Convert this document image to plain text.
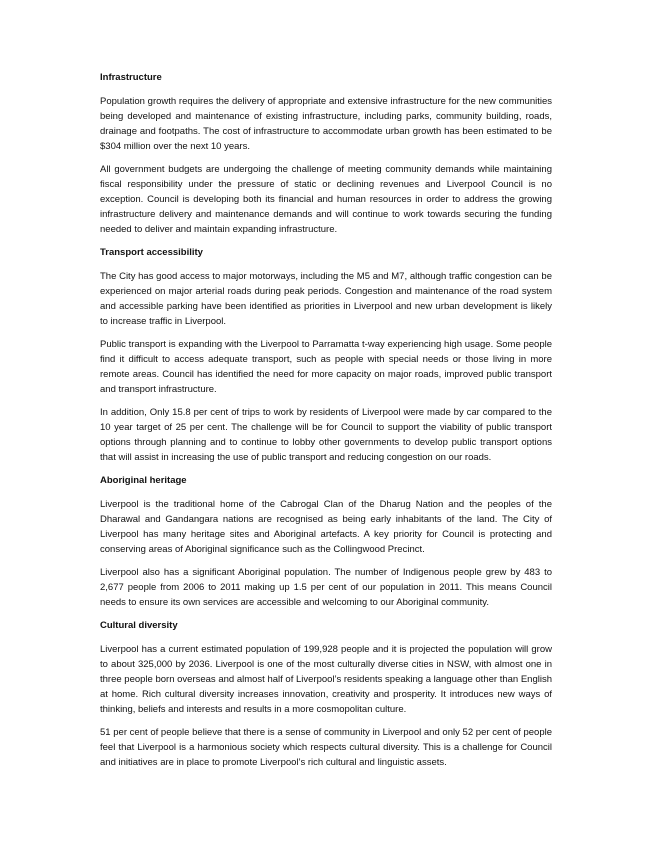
Infrastructure

Population growth requires the delivery of appropriate and extensive infrastructure for the new communities being developed and maintenance of existing infrastructure, including parks, community building, roads, drainage and footpaths. The cost of infrastructure to accommodate urban growth has been estimated to be $304 million over the next 10 years.

All government budgets are undergoing the challenge of meeting community demands while maintaining fiscal responsibility under the pressure of static or declining revenues and Liverpool Council is no exception. Council is developing both its financial and human resources in order to address the growing infrastructure delivery and maintenance demands and will continue to work towards securing the funding needed to deliver and maintain expanding infrastructure.

Transport accessibility

The City has good access to major motorways, including the M5 and M7, although traffic congestion can be experienced on major arterial roads during peak periods. Congestion and maintenance of the road system and accessible parking have been identified as priorities in Liverpool and new urban development is likely to increase traffic in Liverpool.

Public transport is expanding with the Liverpool to Parramatta t-way experiencing high usage. Some people find it difficult to access adequate transport, such as people with special needs or those living in more remote areas. Council has identified the need for more capacity on major roads, improved public transport and transport infrastructure.

In addition, Only 15.8 per cent of trips to work by residents of Liverpool were made by car compared to the 10 year target of 25 per cent. The challenge will be for Council to support the viability of public transport options through planning and to continue to lobby other governments to develop public transport options that will assist in increasing the use of public transport and reducing congestion on our roads.

Aboriginal heritage

Liverpool is the traditional home of the Cabrogal Clan of the Dharug Nation and the peoples of the Dharawal and Gandangara nations are recognised as being early inhabitants of the land. The City of Liverpool has many heritage sites and Aboriginal artefacts. A key priority for Council is protecting and conserving areas of Aboriginal significance such as the Collingwood Precinct.

Liverpool also has a significant Aboriginal population. The number of Indigenous people grew by 483 to 2,677 people from 2006 to 2011 making up 1.5 per cent of our population in 2011. This means Council needs to ensure its own services are accessible and welcoming to our Aboriginal community.

Cultural diversity

Liverpool has a current estimated population of 199,928 people and it is projected the population will grow to about 325,000 by 2036. Liverpool is one of the most culturally diverse cities in NSW, with almost one in three people born overseas and almost half of Liverpool’s residents speaking a language other than English at home. Rich cultural diversity increases innovation, creativity and prosperity. It introduces new ways of thinking, beliefs and interests and results in a more cosmopolitan culture.

51 per cent of people believe that there is a sense of community in Liverpool and only 52 per cent of people feel that Liverpool is a harmonious society which respects cultural diversity. This is a challenge for Council and initiatives are in place to promote Liverpool’s rich cultural and linguistic assets.
